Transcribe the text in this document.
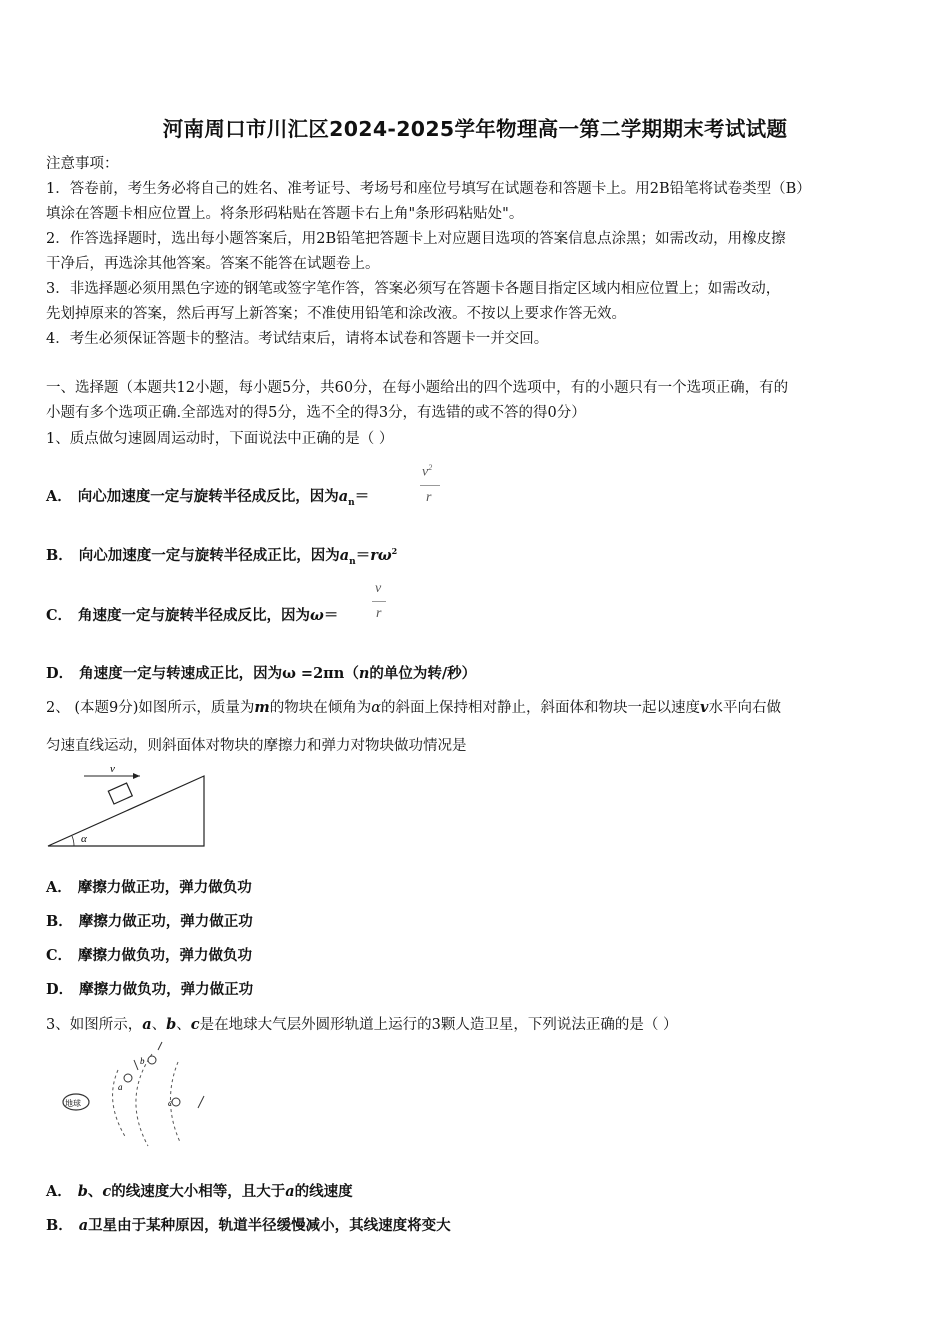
河南周口市川汇区2024-2025学年物理高一第二学期期末考试试题
注意事项：
1．答卷前，考生务必将自己的姓名、准考证号、考场号和座位号填写在试题卷和答题卡上。用2B铅笔将试卷类型（B）
填涂在答题卡相应位置上。将条形码粘贴在答题卡右上角"条形码粘贴处"。
2．作答选择题时，选出每小题答案后，用2B铅笔把答题卡上对应题目选项的答案信息点涂黑；如需改动，用橡皮擦
干净后，再选涂其他答案。答案不能答在试题卷上。
3．非选择题必须用黑色字迹的钢笔或签字笔作答，答案必须写在答题卡各题目指定区域内相应位置上；如需改动，
先划掉原来的答案，然后再写上新答案；不准使用铅笔和涂改液。不按以上要求作答无效。
4．考生必须保证答题卡的整洁。考试结束后，请将本试卷和答题卡一并交回。
一、选择题（本题共12小题，每小题5分，共60分，在每小题给出的四个选项中，有的小题只有一个选项正确，有的
小题有多个选项正确.全部选对的得5分，选不全的得3分，有选错的或不答的得0分）
1、质点做匀速圆周运动时，下面说法中正确的是（ ）
A． 向心加速度一定与旋转半径成反比，因为$a_n=$
$v^2$
r
B． 向心加速度一定与旋转半径成正比，因为$a_n=r\omega^2$
C． 角速度一定与旋转半径成反比，因为ω＝
v
r
D． 角速度一定与转速成正比，因为ω =2πn（n的单位为转/秒）
2、 (本题9分)如图所示，质量为m的物块在倾角为α的斜面上保持相对静止，斜面体和物块一起以速度v水平向右做
匀速直线运动，则斜面体对物块的摩擦力和弹力对物块做功情况是
v
α
A． 摩擦力做正功，弹力做负功
B． 摩擦力做正功，弹力做正功
C． 摩擦力做负功，弹力做负功
D． 摩擦力做负功，弹力做正功
3、如图所示，a、b、c是在地球大气层外圆形轨道上运行的3颗人造卫星，下列说法正确的是（ ）
地球
a
b
c
A． b、c的线速度大小相等，且大于a的线速度
B． a卫星由于某种原因，轨道半径缓慢减小，其线速度将变大
